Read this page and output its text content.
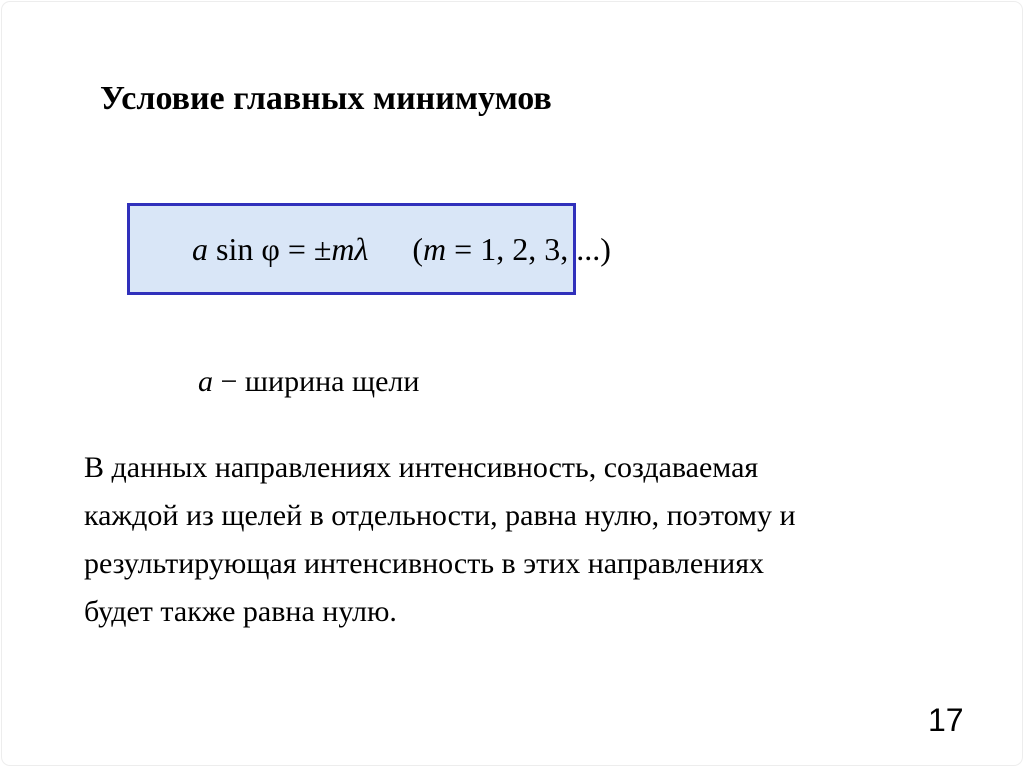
Условие главных минимумов

a sin φ = ±mλ (m = 1, 2, 3, ...)

a − ширина щели

В данных направлениях интенсивность, создаваемая
каждой из щелей в отдельности, равна нулю, поэтому и
результирующая интенсивность в этих направлениях
будет также равна нулю.
17
